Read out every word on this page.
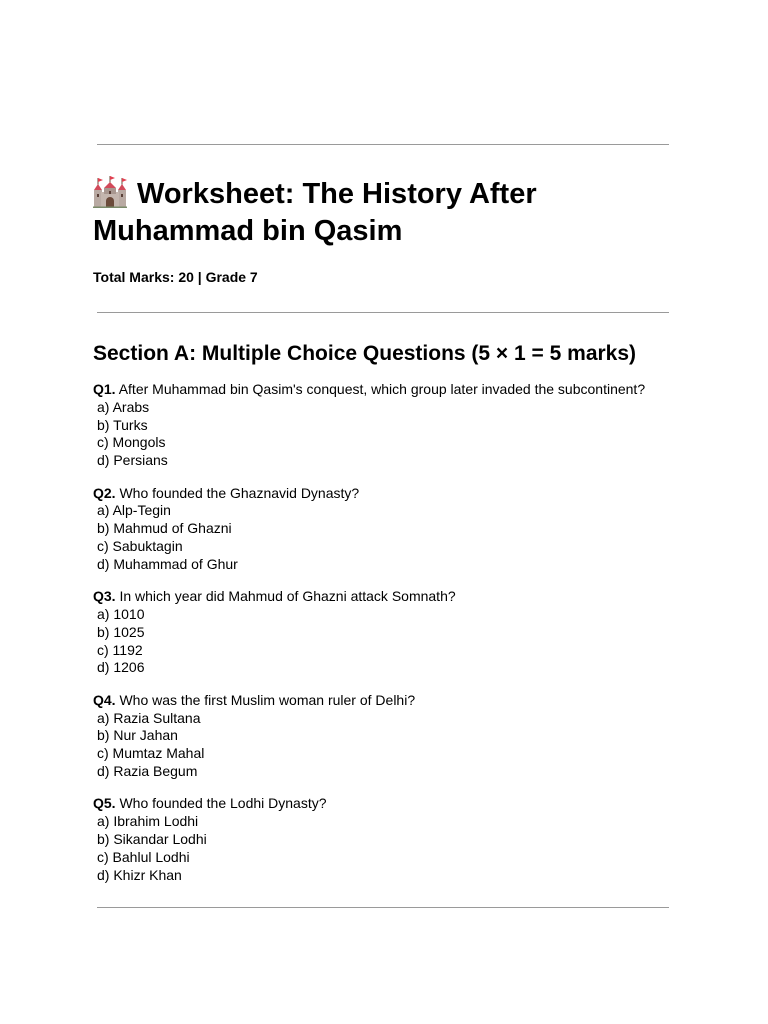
Worksheet: The History After Muhammad bin Qasim

Total Marks: 20 | Grade 7

Section A: Multiple Choice Questions (5 × 1 = 5 marks)
Q1. After Muhammad bin Qasim's conquest, which group later invaded the subcontinent?
a) Arabs
b) Turks
c) Mongols
d) Persians
Q2. Who founded the Ghaznavid Dynasty?
a) Alp-Tegin
b) Mahmud of Ghazni
c) Sabuktagin
d) Muhammad of Ghur
Q3. In which year did Mahmud of Ghazni attack Somnath?
a) 1010
b) 1025
c) 1192
d) 1206
Q4. Who was the first Muslim woman ruler of Delhi?
a) Razia Sultana
b) Nur Jahan
c) Mumtaz Mahal
d) Razia Begum
Q5. Who founded the Lodhi Dynasty?
a) Ibrahim Lodhi
b) Sikandar Lodhi
c) Bahlul Lodhi
d) Khizr Khan
